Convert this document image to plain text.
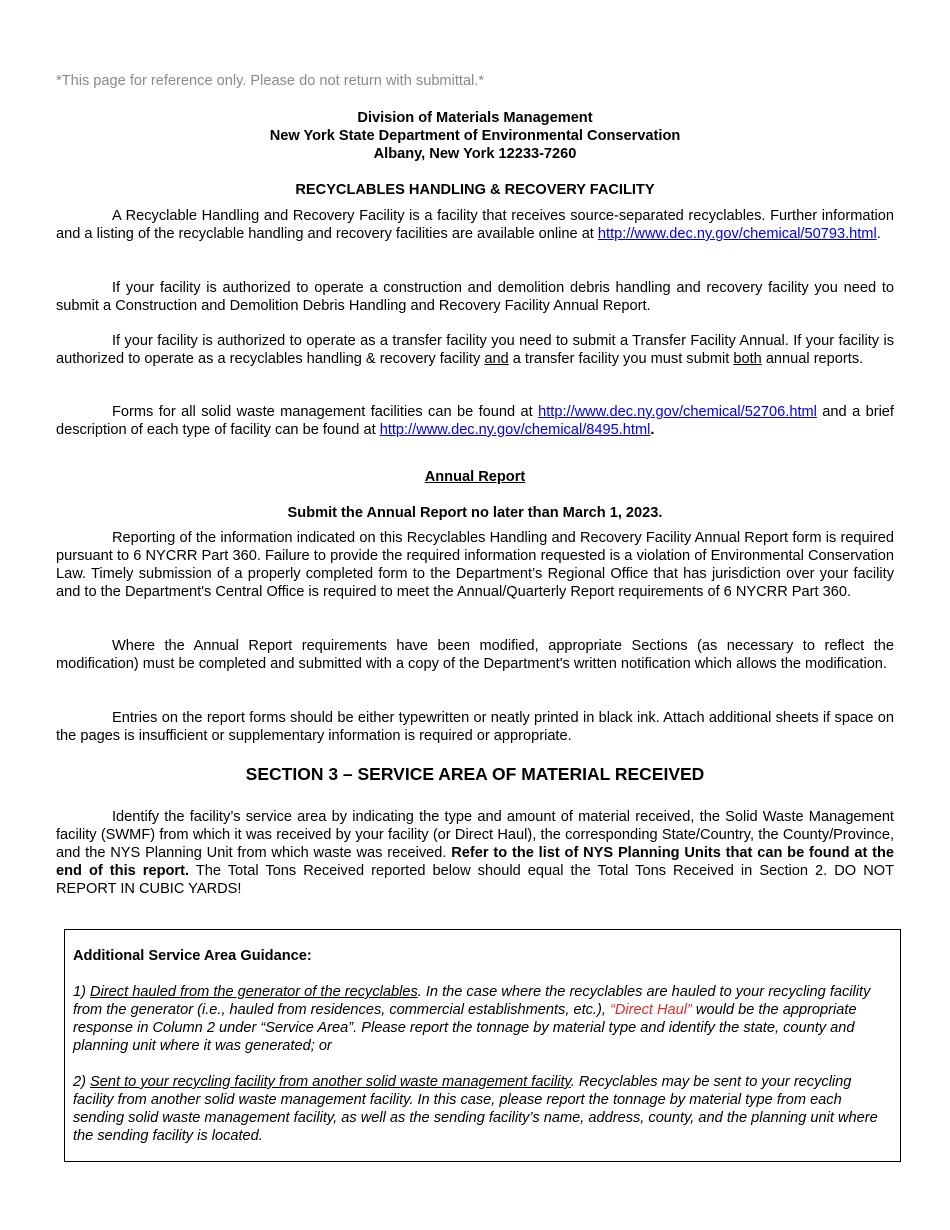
*This page for reference only. Please do not return with submittal.*
Division of Materials Management
New York State Department of Environmental Conservation
Albany, New York 12233-7260
RECYCLABLES HANDLING & RECOVERY FACILITY
A Recyclable Handling and Recovery Facility is a facility that receives source-separated recyclables. Further information and a listing of the recyclable handling and recovery facilities are available online at http://www.dec.ny.gov/chemical/50793.html.
If your facility is authorized to operate a construction and demolition debris handling and recovery facility you need to submit a Construction and Demolition Debris Handling and Recovery Facility Annual Report.
If your facility is authorized to operate as a transfer facility you need to submit a Transfer Facility Annual. If your facility is authorized to operate as a recyclables handling & recovery facility and a transfer facility you must submit both annual reports.
Forms for all solid waste management facilities can be found at http://www.dec.ny.gov/chemical/52706.html and a brief description of each type of facility can be found at http://www.dec.ny.gov/chemical/8495.html.
Annual Report
Submit the Annual Report no later than March 1, 2023.
Reporting of the information indicated on this Recyclables Handling and Recovery Facility Annual Report form is required pursuant to 6 NYCRR Part 360. Failure to provide the required information requested is a violation of Environmental Conservation Law. Timely submission of a properly completed form to the Department’s Regional Office that has jurisdiction over your facility and to the Department's Central Office is required to meet the Annual/Quarterly Report requirements of 6 NYCRR Part 360.
Where the Annual Report requirements have been modified, appropriate Sections (as necessary to reflect the modification) must be completed and submitted with a copy of the Department's written notification which allows the modification.
Entries on the report forms should be either typewritten or neatly printed in black ink. Attach additional sheets if space on the pages is insufficient or supplementary information is required or appropriate.
SECTION 3 – SERVICE AREA OF MATERIAL RECEIVED
Identify the facility’s service area by indicating the type and amount of material received, the Solid Waste Management facility (SWMF) from which it was received by your facility (or Direct Haul), the corresponding State/Country, the County/Province, and the NYS Planning Unit from which waste was received. Refer to the list of NYS Planning Units that can be found at the end of this report. The Total Tons Received reported below should equal the Total Tons Received in Section 2. DO NOT REPORT IN CUBIC YARDS!
Additional Service Area Guidance:

1) Direct hauled from the generator of the recyclables. In the case where the recyclables are hauled to your recycling facility from the generator (i.e., hauled from residences, commercial establishments, etc.), “Direct Haul” would be the appropriate response in Column 2 under “Service Area”. Please report the tonnage by material type and identify the state, county and planning unit where it was generated; or

2) Sent to your recycling facility from another solid waste management facility. Recyclables may be sent to your recycling facility from another solid waste management facility. In this case, please report the tonnage by material type from each sending solid waste management facility, as well as the sending facility’s name, address, county, and the planning unit where the sending facility is located.
